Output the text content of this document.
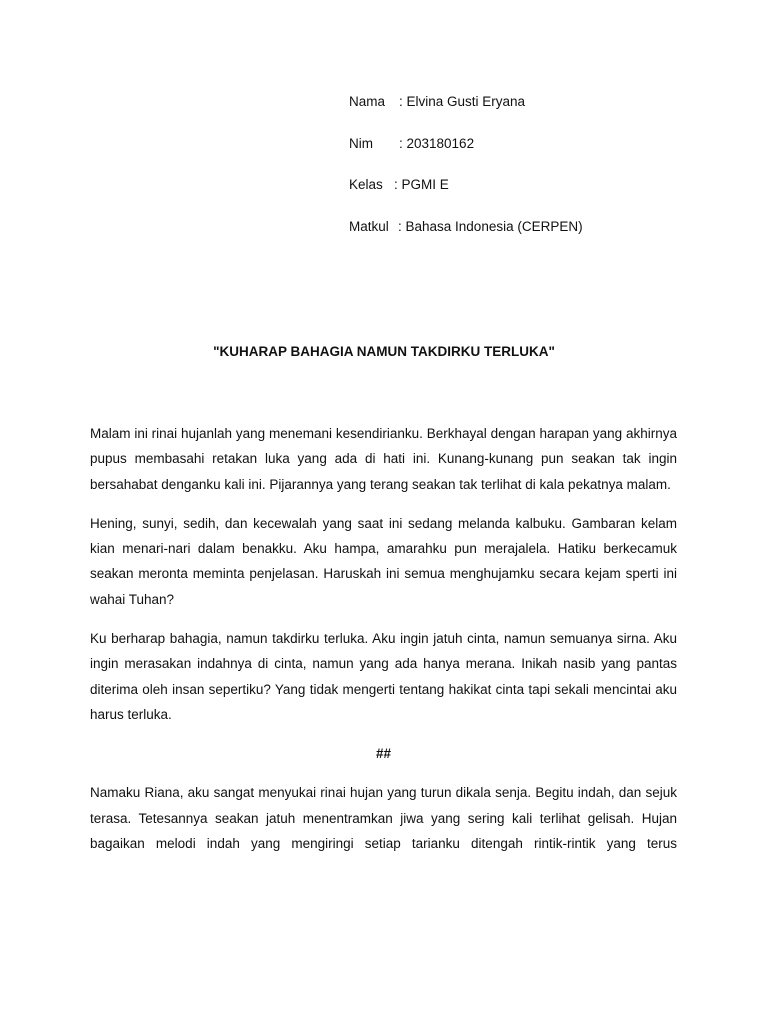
Nama : Elvina Gusti Eryana
Nim : 203180162
Kelas : PGMI E
Matkul : Bahasa Indonesia (CERPEN)
"KUHARAP BAHAGIA NAMUN TAKDIRKU TERLUKA"

Malam ini rinai hujanlah yang menemani kesendirianku. Berkhayal dengan harapan yang akhirnya pupus membasahi retakan luka yang ada di hati ini. Kunang-kunang pun seakan tak ingin bersahabat denganku kali ini. Pijarannya yang terang seakan tak terlihat di kala pekatnya malam.

Hening, sunyi, sedih, dan kecewalah yang saat ini sedang melanda kalbuku. Gambaran kelam kian menari-nari dalam benakku. Aku hampa, amarahku pun merajalela. Hatiku berkecamuk seakan meronta meminta penjelasan. Haruskah ini semua menghujamku secara kejam sperti ini wahai Tuhan?

Ku berharap bahagia, namun takdirku terluka. Aku ingin jatuh cinta, namun semuanya sirna. Aku ingin merasakan indahnya di cinta, namun yang ada hanya merana. Inikah nasib yang pantas diterima oleh insan sepertiku? Yang tidak mengerti tentang hakikat cinta tapi sekali mencintai aku harus terluka.

##

Namaku Riana, aku sangat menyukai rinai hujan yang turun dikala senja. Begitu indah, dan sejuk terasa. Tetesannya seakan jatuh menentramkan jiwa yang sering kali terlihat gelisah. Hujan bagaikan melodi indah yang mengiringi setiap tarianku ditengah rintik-rintik yang terus
